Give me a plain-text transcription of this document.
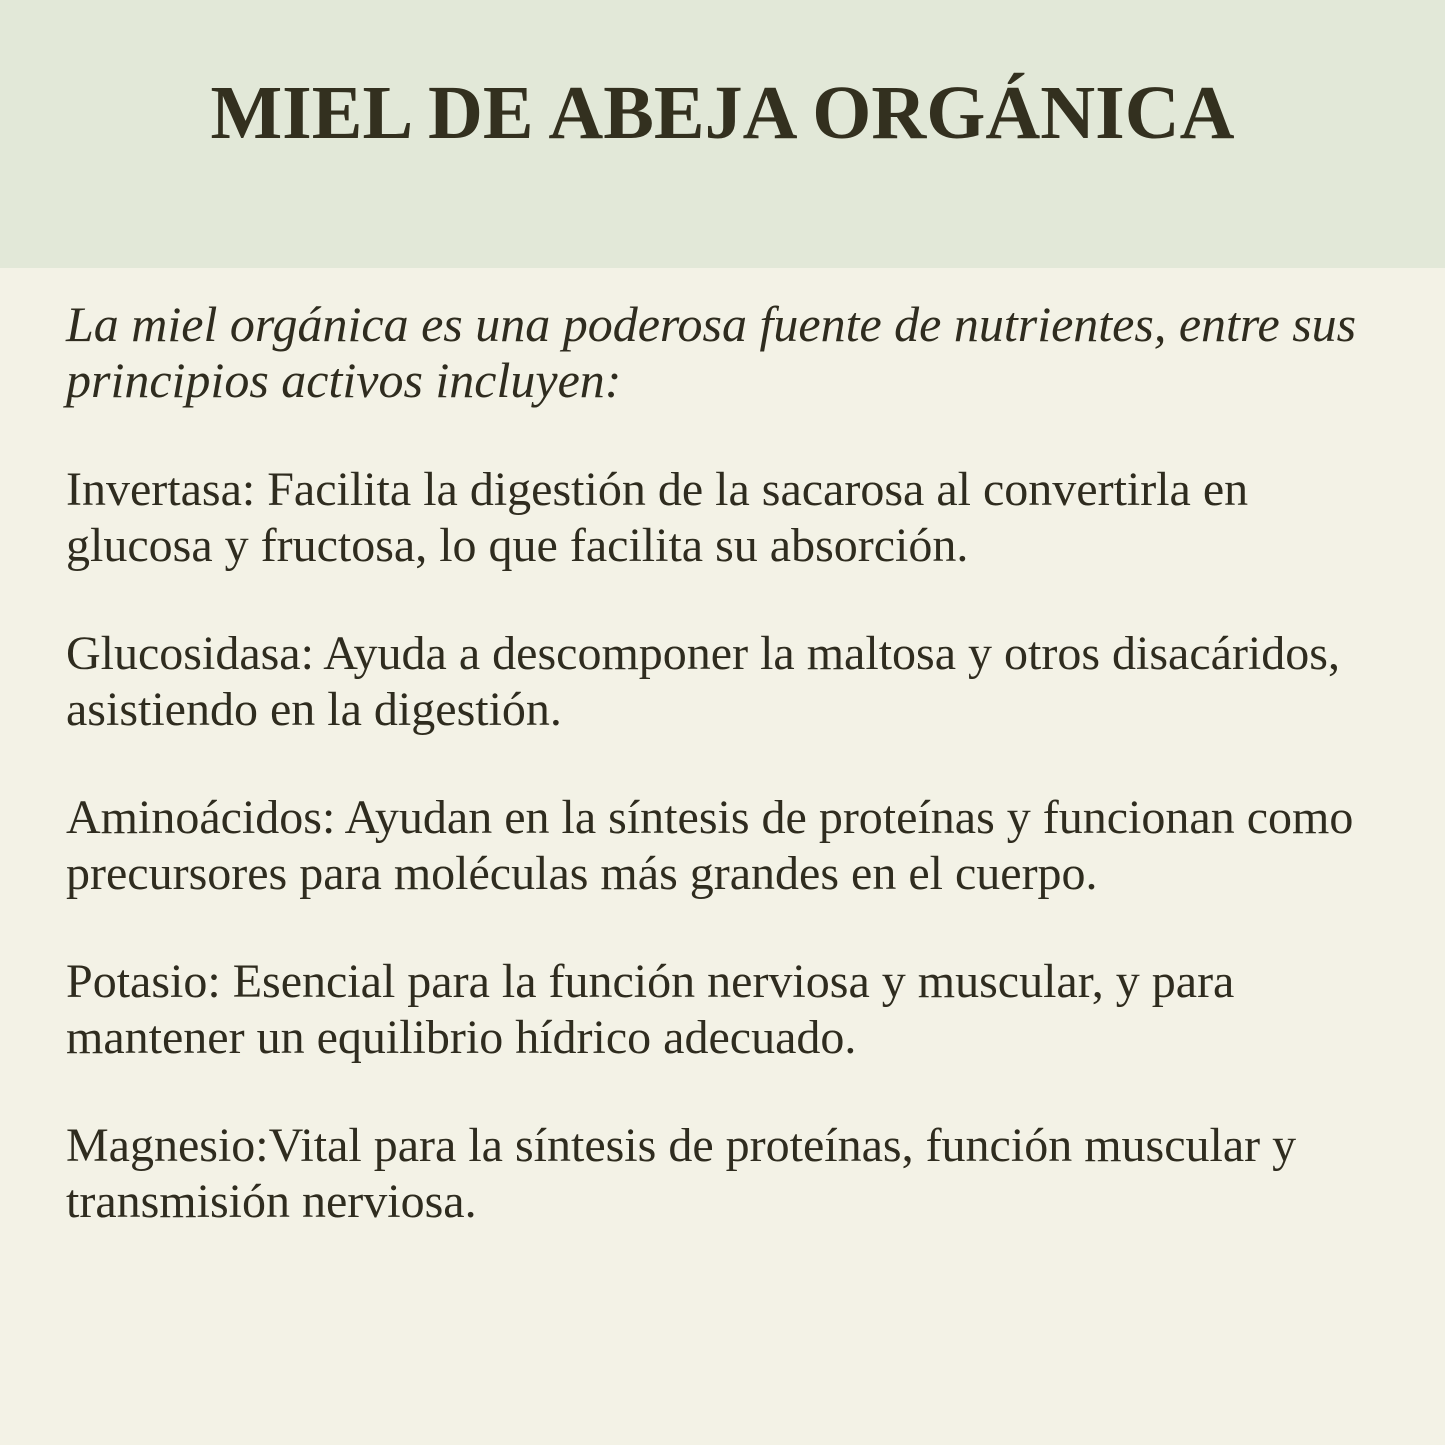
MIEL DE ABEJA ORGÁNICA

La miel orgánica es una poderosa fuente de nutrientes, entre sus principios activos incluyen:

Invertasa: Facilita la digestión de la sacarosa al convertirla en glucosa y fructosa, lo que facilita su absorción.

Glucosidasa: Ayuda a descomponer la maltosa y otros disacáridos, asistiendo en la digestión.

Aminoácidos: Ayudan en la síntesis de proteínas y funcionan como precursores para moléculas más grandes en el cuerpo.

Potasio: Esencial para la función nerviosa y muscular, y para mantener un equilibrio hídrico adecuado.

Magnesio:Vital para la síntesis de proteínas, función muscular y transmisión nerviosa.
